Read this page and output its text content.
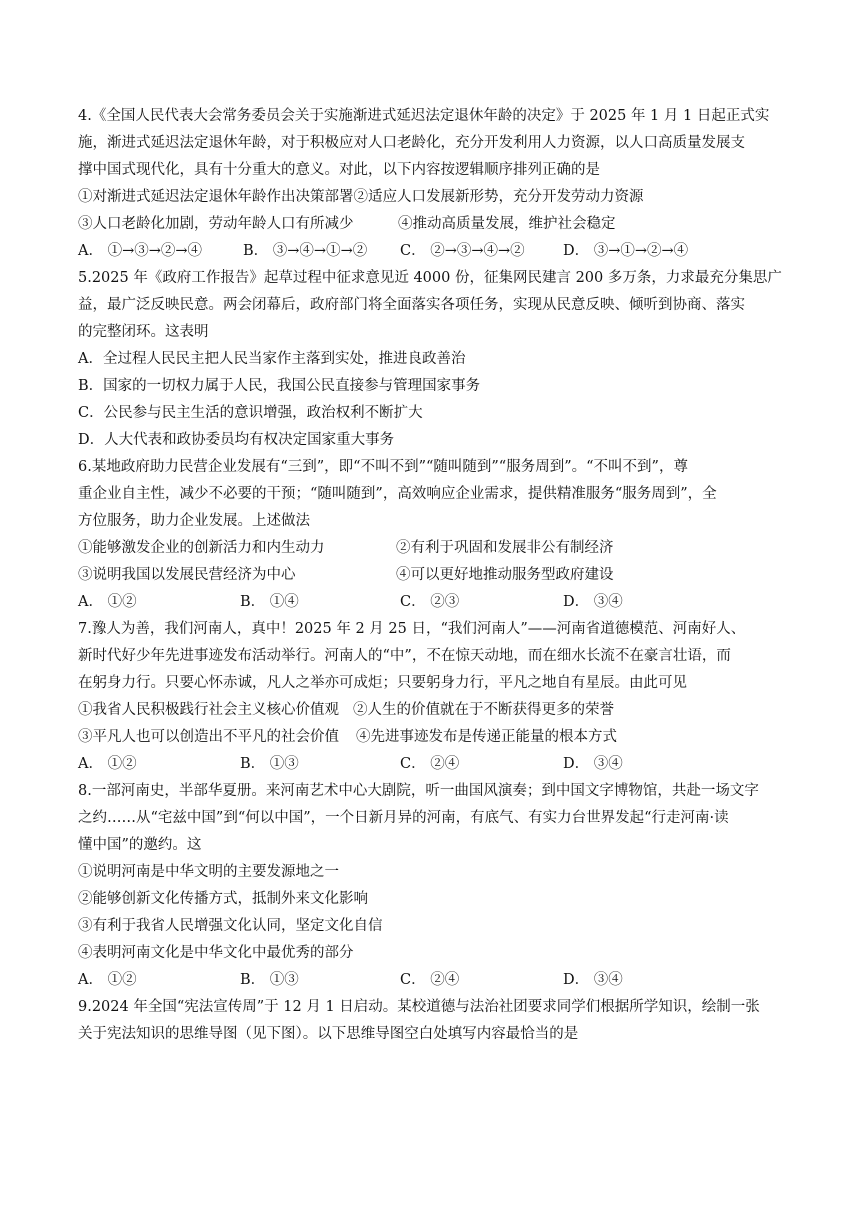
4.《全国人民代表大会常务委员会关于实施渐进式延迟法定退休年龄的决定》于 2025 年 1 月 1 日起正式实
施，渐进式延迟法定退休年龄，对于积极应对人口老龄化，充分开发利用人力资源，以人口高质量发展支
撑中国式现代化，具有十分重大的意义。对此，以下内容按逻辑顺序排列正确的是
①对渐进式延迟法定退休年龄作出决策部署②适应人口发展新形势，充分开发劳动力资源
③人口老龄化加剧，劳动年龄人口有所减少	④推动高质量发展，维护社会稳定
A． ①→③→②→④	B． ③→④→①→② C． ②→③→④→②	D． ③→①→②→④
5.2025 年《政府工作报告》起草过程中征求意见近 4000 份，征集网民建言 200 多万条，力求最充分集思广
益，最广泛反映民意。两会闭幕后，政府部门将全面落实各项任务，实现从民意反映、倾听到协商、落实
的完整闭环。这表明
A．全过程人民民主把人民当家作主落到实处，推进良政善治
B．国家的一切权力属于人民，我国公民直接参与管理国家事务
C．公民参与民主生活的意识增强，政治权利不断扩大
D．人大代表和政协委员均有权决定国家重大事务
6.某地政府助力民营企业发展有“三到”，即“不叫不到”“随叫随到”“服务周到”。“不叫不到”，尊
重企业自主性，减少不必要的干预；“随叫随到”，高效响应企业需求，提供精准服务“服务周到”，全
方位服务，助力企业发展。上述做法
①能够激发企业的创新活力和内生动力	②有利于巩固和发展非公有制经济
③说明我国以发展民营经济为中心	④可以更好地推动服务型政府建设
A． ①②	B． ①④	C． ②③	D． ③④
7.豫人为善，我们河南人，真中！2025 年 2 月 25 日，“我们河南人”——河南省道德模范、河南好人、
新时代好少年先进事迹发布活动举行。河南人的“中”，不在惊天动地，而在细水长流不在豪言壮语，而
在躬身力行。只要心怀赤诚，凡人之举亦可成炬；只要躬身力行，平凡之地自有星辰。由此可见
①我省人民积极践行社会主义核心价值观 ②人生的价值就在于不断获得更多的荣誉
③平凡人也可以创造出不平凡的社会价值 ④先进事迹发布是传递正能量的根本方式
A． ①②	B． ①③	C． ②④	D． ③④
8.一部河南史，半部华夏册。来河南艺术中心大剧院，听一曲国风演奏；到中国文字博物馆，共赴一场文字
之约……从“宅兹中国”到“何以中国”，一个日新月异的河南，有底气、有实力台世界发起“行走河南·读
懂中国”的邀约。这
①说明河南是中华文明的主要发源地之一
②能够创新文化传播方式，抵制外来文化影响
③有利于我省人民增强文化认同，坚定文化自信
④表明河南文化是中华文化中最优秀的部分
A． ①②	B． ①③	C． ②④	D． ③④
9.2024 年全国“宪法宣传周”于 12 月 1 日启动。某校道德与法治社团要求同学们根据所学知识，绘制一张
关于宪法知识的思维导图（见下图）。以下思维导图空白处填写内容最恰当的是
